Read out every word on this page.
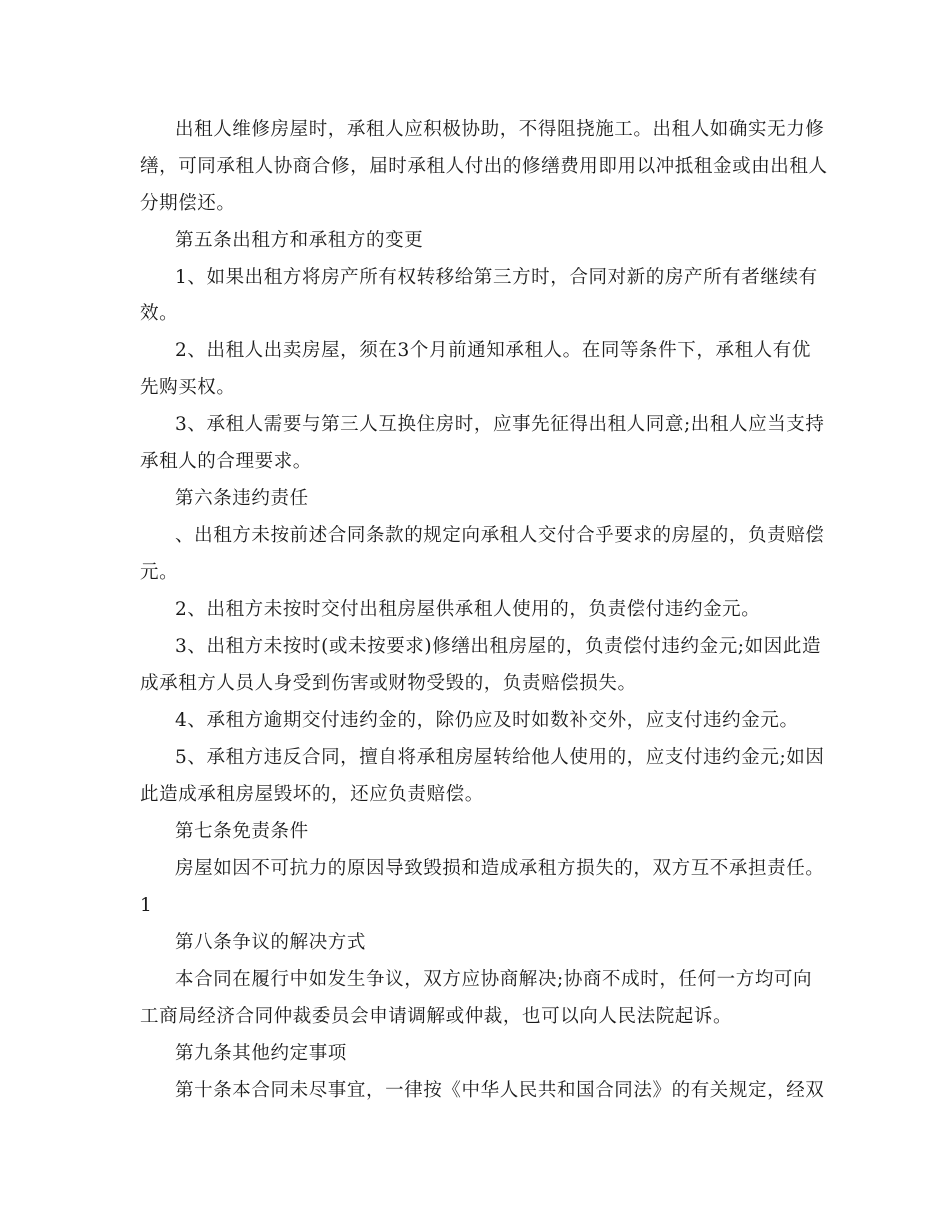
出租人维修房屋时，承租人应积极协助，不得阻挠施工。出租人如确实无力修
缮，可同承租人协商合修，届时承租人付出的修缮费用即用以冲抵租金或由出租人
分期偿还。
第五条出租方和承租方的变更
1、如果出租方将房产所有权转移给第三方时，合同对新的房产所有者继续有
效。
2、出租人出卖房屋，须在3个月前通知承租人。在同等条件下，承租人有优
先购买权。
3、承租人需要与第三人互换住房时，应事先征得出租人同意;出租人应当支持
承租人的合理要求。
第六条违约责任
、出租方未按前述合同条款的规定向承租人交付合乎要求的房屋的，负责赔偿
元。
2、出租方未按时交付出租房屋供承租人使用的，负责偿付违约金元。
3、出租方未按时(或未按要求)修缮出租房屋的，负责偿付违约金元;如因此造
成承租方人员人身受到伤害或财物受毁的，负责赔偿损失。
4、承租方逾期交付违约金的，除仍应及时如数补交外，应支付违约金元。
5、承租方违反合同，擅自将承租房屋转给他人使用的，应支付违约金元;如因
此造成承租房屋毁坏的，还应负责赔偿。
第七条免责条件
房屋如因不可抗力的原因导致毁损和造成承租方损失的，双方互不承担责任。
1
第八条争议的解决方式
本合同在履行中如发生争议，双方应协商解决;协商不成时，任何一方均可向
工商局经济合同仲裁委员会申请调解或仲裁，也可以向人民法院起诉。
第九条其他约定事项
第十条本合同未尽事宜，一律按《中华人民共和国合同法》的有关规定，经双
